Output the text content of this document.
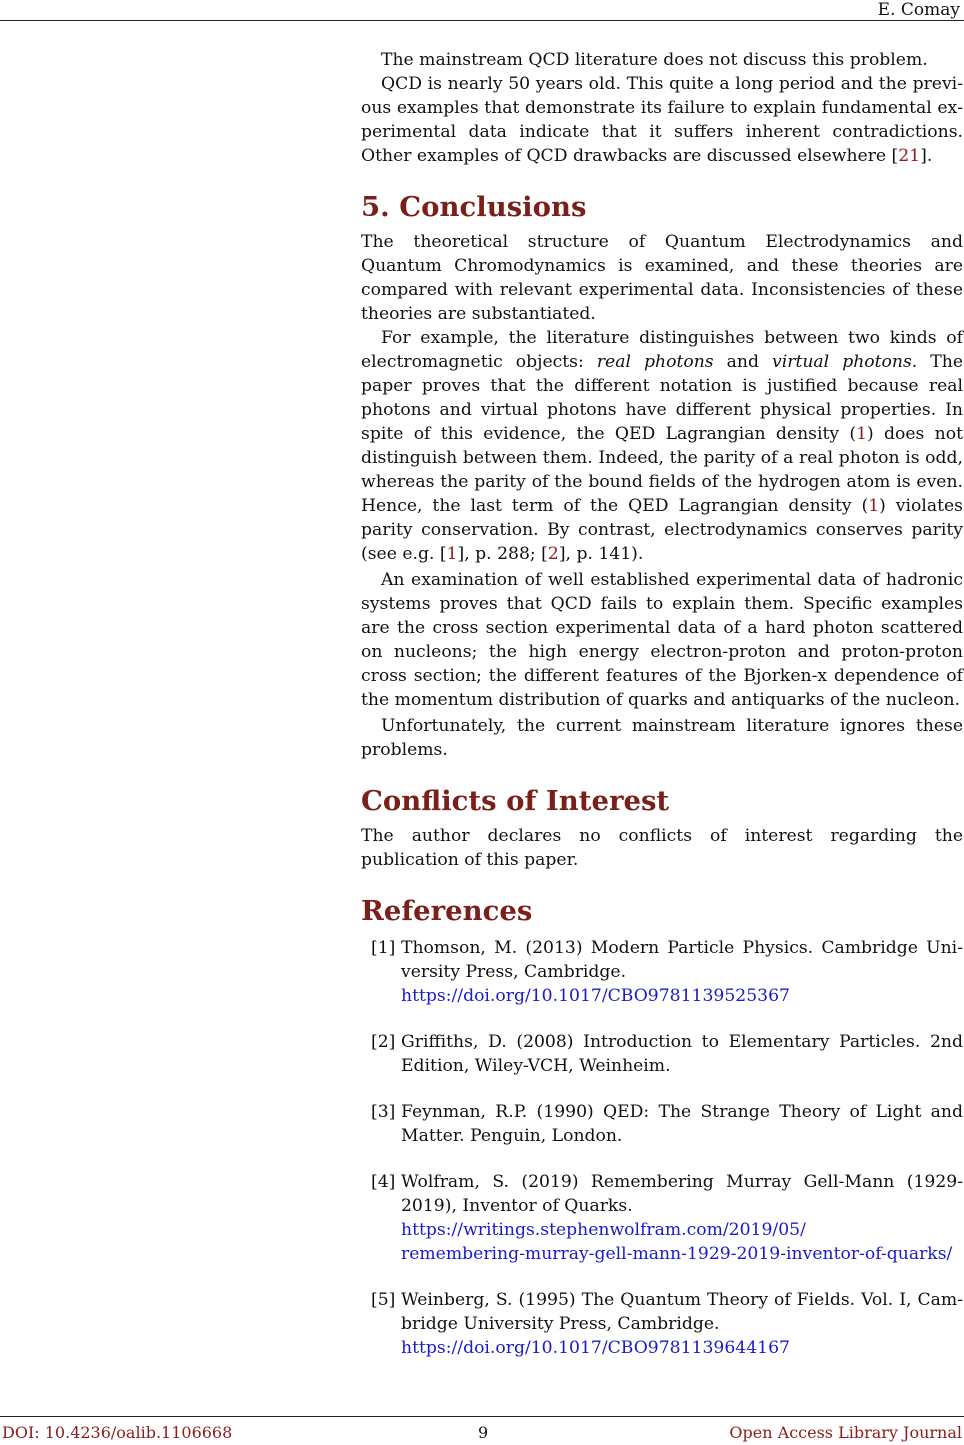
E. Comay

The mainstream QCD literature does not discuss this problem.

QCD is nearly 50 years old. This quite a long period and the previous examples that demonstrate its failure to explain fundamental experimental data indicate that it suffers inherent contradictions. Other examples of QCD drawbacks are discussed elsewhere [21].

5. Conclusions

The theoretical structure of Quantum Electrodynamics and Quantum Chromodynamics is examined, and these theories are compared with relevant experimental data. Inconsistencies of these theories are substantiated.

For example, the literature distinguishes between two kinds of electromagnetic objects: real photons and virtual photons. The paper proves that the different notation is justified because real photons and virtual photons have different physical properties. In spite of this evidence, the QED Lagrangian density (1) does not distinguish between them. Indeed, the parity of a real photon is odd, whereas the parity of the bound fields of the hydrogen atom is even. Hence, the last term of the QED Lagrangian density (1) violates parity conservation. By contrast, electrodynamics conserves parity (see e.g. [1], p. 288; [2], p. 141).

An examination of well established experimental data of hadronic systems proves that QCD fails to explain them. Specific examples are the cross section experimental data of a hard photon scattered on nucleons; the high energy electron-proton and proton-proton cross section; the different features of the Bjorken-x dependence of the momentum distribution of quarks and antiquarks of the nucleon.

Unfortunately, the current mainstream literature ignores these problems.

Conflicts of Interest

The author declares no conflicts of interest regarding the publication of this paper.

References
[1] Thomson, M. (2013) Modern Particle Physics. Cambridge University Press, Cambridge.
https://doi.org/10.1017/CBO9781139525367
[2] Griffiths, D. (2008) Introduction to Elementary Particles. 2nd Edition, Wiley-VCH, Weinheim.
[3] Feynman, R.P. (1990) QED: The Strange Theory of Light and Matter. Penguin, London.
[4] Wolfram, S. (2019) Remembering Murray Gell-Mann (1929-2019), Inventor of Quarks.
https://writings.stephenwolfram.com/2019/05/
remembering-murray-gell-mann-1929-2019-inventor-of-quarks/
[5] Weinberg, S. (1995) The Quantum Theory of Fields. Vol. I, Cambridge University Press, Cambridge.
https://doi.org/10.1017/CBO9781139644167
DOI: 10.4236/oalib.1106668	9	Open Access Library Journal
